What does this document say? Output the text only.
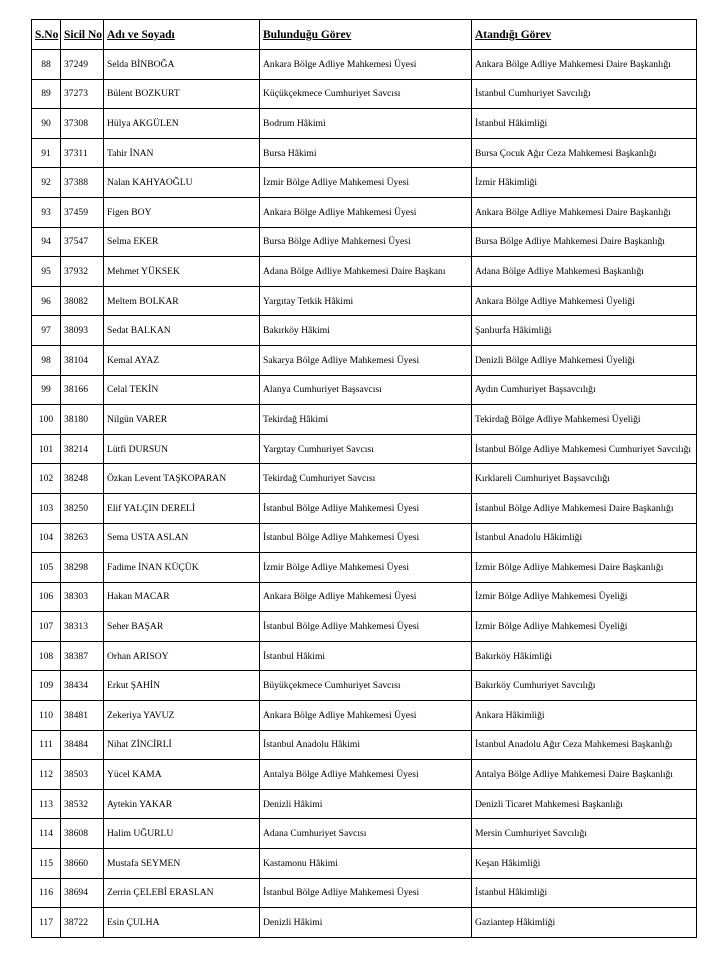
S.No	Sicil No	Adı ve Soyadı	Bulunduğu Görev	Atandığı Görev
88	37249	Selda BİNBOĞA	Ankara Bölge Adliye Mahkemesi Üyesi	Ankara Bölge Adliye Mahkemesi Daire Başkanlığı
89	37273	Bülent BOZKURT	Küçükçekmece Cumhuriyet Savcısı	İstanbul Cumhuriyet Savcılığı
90	37308	Hülya AKGÜLEN	Bodrum Hâkimi	İstanbul Hâkimliği
91	37311	Tahir İNAN	Bursa Hâkimi	Bursa Çocuk Ağır Ceza Mahkemesi Başkanlığı
92	37388	Nalan KAHYAOĞLU	İzmir Bölge Adliye Mahkemesi Üyesi	İzmir Hâkimliği
93	37459	Figen BOY	Ankara Bölge Adliye Mahkemesi Üyesi	Ankara Bölge Adliye Mahkemesi Daire Başkanlığı
94	37547	Selma EKER	Bursa Bölge Adliye Mahkemesi Üyesi	Bursa Bölge Adliye Mahkemesi Daire Başkanlığı
95	37932	Mehmet YÜKSEK	Adana Bölge Adliye Mahkemesi Daire Başkanı	Adana Bölge Adliye Mahkemesi Başkanlığı
96	38082	Meltem BOLKAR	Yargıtay Tetkik Hâkimi	Ankara Bölge Adliye Mahkemesi Üyeliği
97	38093	Sedat BALKAN	Bakırköy Hâkimi	Şanlıurfa Hâkimliği
98	38104	Kemal AYAZ	Sakarya Bölge Adliye Mahkemesi Üyesi	Denizli Bölge Adliye Mahkemesi Üyeliği
99	38166	Celal TEKİN	Alanya Cumhuriyet Başsavcısı	Aydın Cumhuriyet Başsavcılığı
100	38180	Nilgün VARER	Tekirdağ Hâkimi	Tekirdağ Bölge Adliye Mahkemesi Üyeliği
101	38214	Lütfi DURSUN	Yargıtay Cumhuriyet Savcısı	İstanbul Bölge Adliye Mahkemesi Cumhuriyet Savcılığı
102	38248	Özkan Levent TAŞKOPARAN	Tekirdağ Cumhuriyet Savcısı	Kırklareli Cumhuriyet Başsavcılığı
103	38250	Elif YALÇIN DERELİ	İstanbul Bölge Adliye Mahkemesi Üyesi	İstanbul Bölge Adliye Mahkemesi Daire Başkanlığı
104	38263	Sema USTA ASLAN	İstanbul Bölge Adliye Mahkemesi Üyesi	İstanbul Anadolu Hâkimliği
105	38298	Fadime İNAN KÜÇÜK	İzmir Bölge Adliye Mahkemesi Üyesi	İzmir Bölge Adliye Mahkemesi Daire Başkanlığı
106	38303	Hakan MACAR	Ankara Bölge Adliye Mahkemesi Üyesi	İzmir Bölge Adliye Mahkemesi Üyeliği
107	38313	Seher BAŞAR	İstanbul Bölge Adliye Mahkemesi Üyesi	İzmir Bölge Adliye Mahkemesi Üyeliği
108	38387	Orhan ARISOY	İstanbul Hâkimi	Bakırköy Hâkimliği
109	38434	Erkut ŞAHİN	Büyükçekmece Cumhuriyet Savcısı	Bakırköy Cumhuriyet Savcılığı
110	38481	Zekeriya YAVUZ	Ankara Bölge Adliye Mahkemesi Üyesi	Ankara Hâkimliği
111	38484	Nihat ZİNCİRLİ	İstanbul Anadolu Hâkimi	İstanbul Anadolu Ağır Ceza Mahkemesi Başkanlığı
112	38503	Yücel KAMA	Antalya Bölge Adliye Mahkemesi Üyesi	Antalya Bölge Adliye Mahkemesi Daire Başkanlığı
113	38532	Aytekin YAKAR	Denizli Hâkimi	Denizli Ticaret Mahkemesi Başkanlığı
114	38608	Halim UĞURLU	Adana Cumhuriyet Savcısı	Mersin Cumhuriyet Savcılığı
115	38660	Mustafa SEYMEN	Kastamonu Hâkimi	Keşan Hâkimliği
116	38694	Zerrin ÇELEBİ ERASLAN	İstanbul Bölge Adliye Mahkemesi Üyesi	İstanbul Hâkimliği
117	38722	Esin ÇULHA	Denizli Hâkimi	Gaziantep Hâkimliği
